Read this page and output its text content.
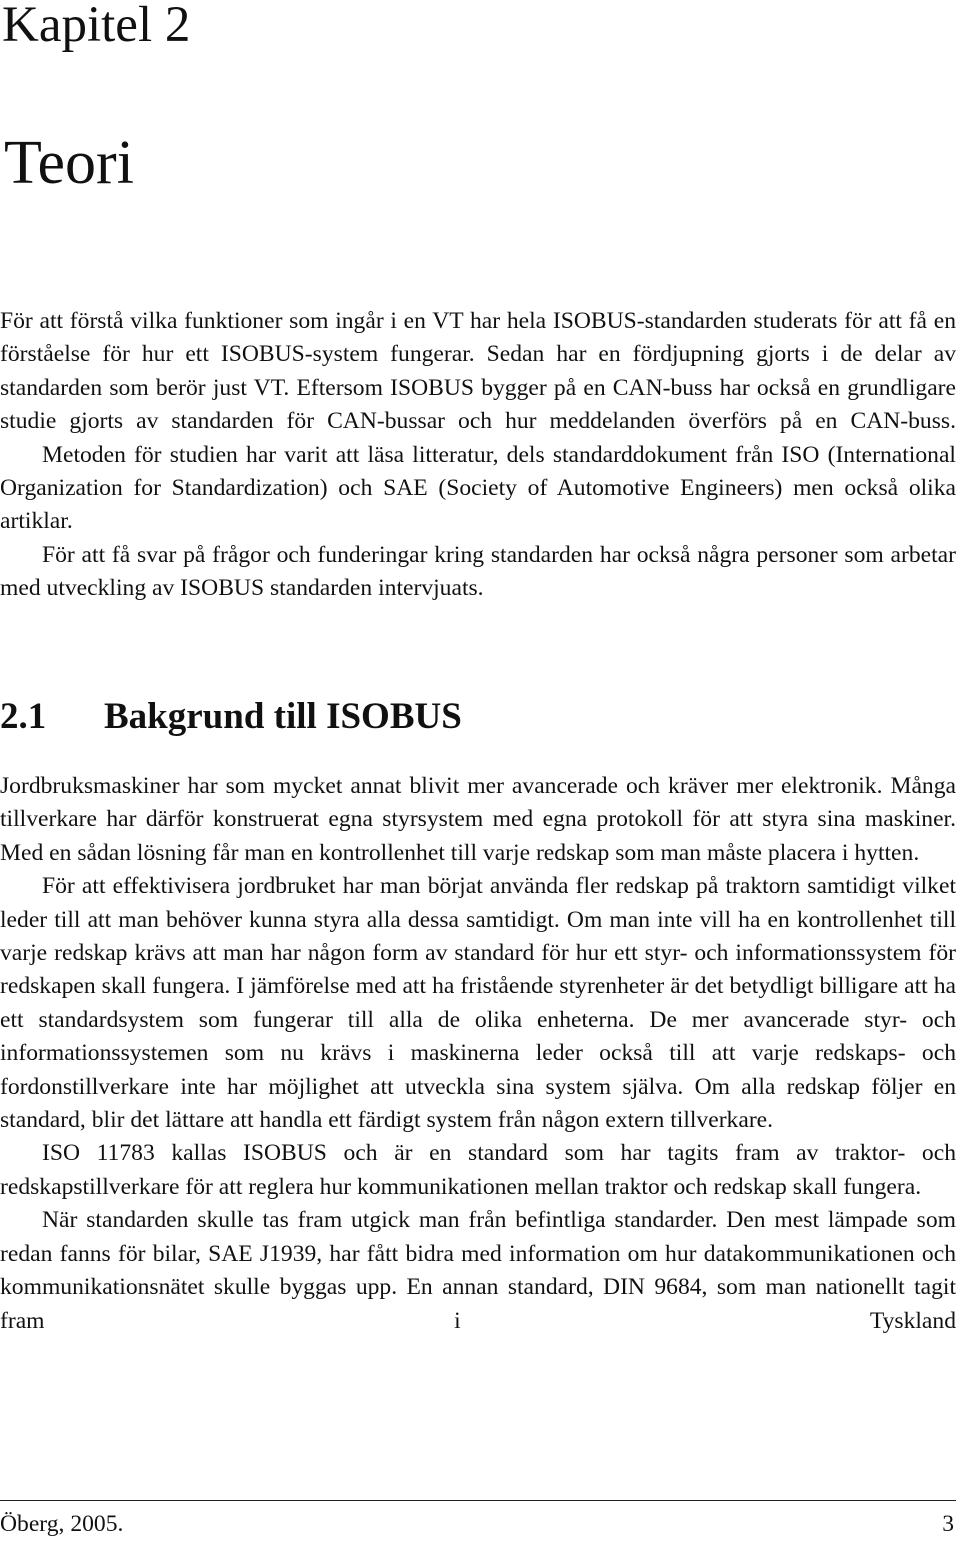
Kapitel 2
Teori

För att förstå vilka funktioner som ingår i en VT har hela ISOBUS-standarden studerats för att få en förståelse för hur ett ISOBUS-system fungerar. Sedan har en fördjupning gjorts i de delar av standarden som berör just VT. Eftersom ISOBUS bygger på en CAN-buss har också en grundligare studie gjorts av standarden för CAN-bussar och hur meddelanden överförs på en CAN-buss.

Metoden för studien har varit att läsa litteratur, dels standarddokument från ISO (International Organization for Standardization) och SAE (Society of Automotive Engineers) men också olika artiklar.

För att få svar på frågor och funderingar kring standarden har också några personer som arbetar med utveckling av ISOBUS standarden intervjuats.

2.1 Bakgrund till ISOBUS

Jordbruksmaskiner har som mycket annat blivit mer avancerade och kräver mer elektronik. Många tillverkare har därför konstruerat egna styrsystem med egna protokoll för att styra sina maskiner. Med en sådan lösning får man en kontrollenhet till varje redskap som man måste placera i hytten.

För att effektivisera jordbruket har man börjat använda fler redskap på traktorn samtidigt vilket leder till att man behöver kunna styra alla dessa samtidigt. Om man inte vill ha en kontrollenhet till varje redskap krävs att man har någon form av standard för hur ett styr- och informationssystem för redskapen skall fungera. I jämförelse med att ha fristående styrenheter är det betydligt billigare att ha ett standardsystem som fungerar till alla de olika enheterna. De mer avancerade styr- och informationssystemen som nu krävs i maskinerna leder också till att varje redskaps- och fordonstillverkare inte har möjlighet att utveckla sina system själva. Om alla redskap följer en standard, blir det lättare att handla ett färdigt system från någon extern tillverkare.

ISO 11783 kallas ISOBUS och är en standard som har tagits fram av traktor- och redskapstillverkare för att reglera hur kommunikationen mellan traktor och redskap skall fungera.

När standarden skulle tas fram utgick man från befintliga standarder. Den mest lämpade som redan fanns för bilar, SAE J1939, har fått bidra med information om hur datakommunikationen och kommunikationsnätet skulle byggas upp. En annan standard, DIN 9684, som man nationellt tagit fram i Tyskland

Öberg, 2005.	3
